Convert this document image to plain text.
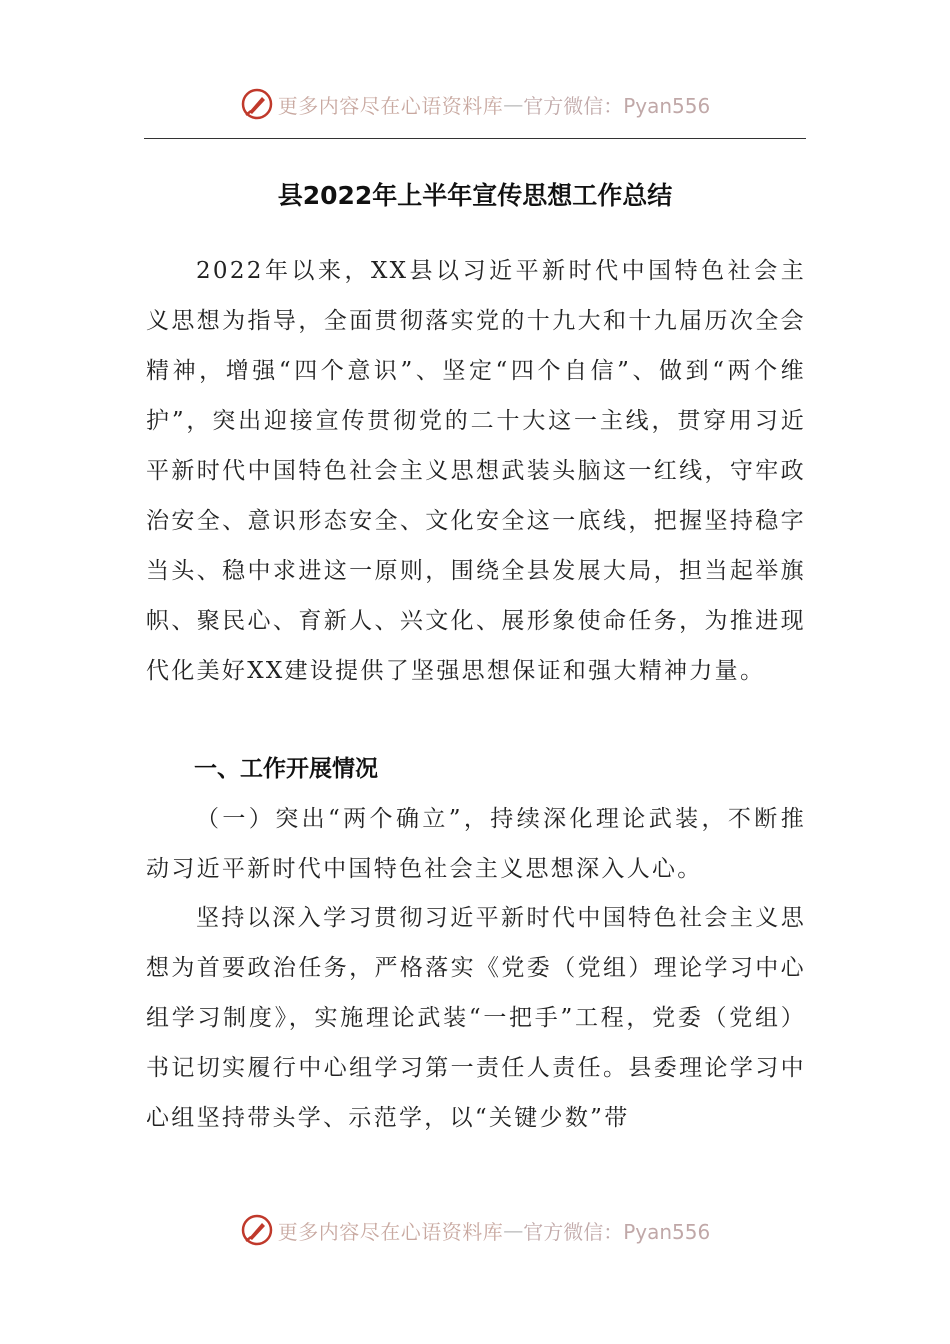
更多内容尽在心语资料库 — 官方微信：Pyan556
县2022年上半年宣传思想工作总结
2022年以来，XX县以习近平新时代中国特色社会主义思想为指导，全面贯彻落实党的十九大和十九届历次全会精神，增强“四个意识”、坚定“四个自信”、做到“两个维护”，突出迎接宣传贯彻党的二十大这一主线，贯穿用习近平新时代中国特色社会主义思想武装头脑这一红线，守牢政治安全、意识形态安全、文化安全这一底线，把握坚持稳字当头、稳中求进这一原则，围绕全县发展大局，担当起举旗帜、聚民心、育新人、兴文化、展形象使命任务，为推进现代化美好XX建设提供了坚强思想保证和强大精神力量。
一、工作开展情况
（一）突出“两个确立”，持续深化理论武装，不断推动习近平新时代中国特色社会主义思想深入人心。
坚持以深入学习贯彻习近平新时代中国特色社会主义思想为首要政治任务，严格落实《党委（党组）理论学习中心组学习制度》，实施理论武装“一把手”工程，党委（党组）书记切实履行中心组学习第一责任人责任。县委理论学习中心组坚持带头学、示范学，以“关键少数”带
更多内容尽在心语资料库 — 官方微信：Pyan556
